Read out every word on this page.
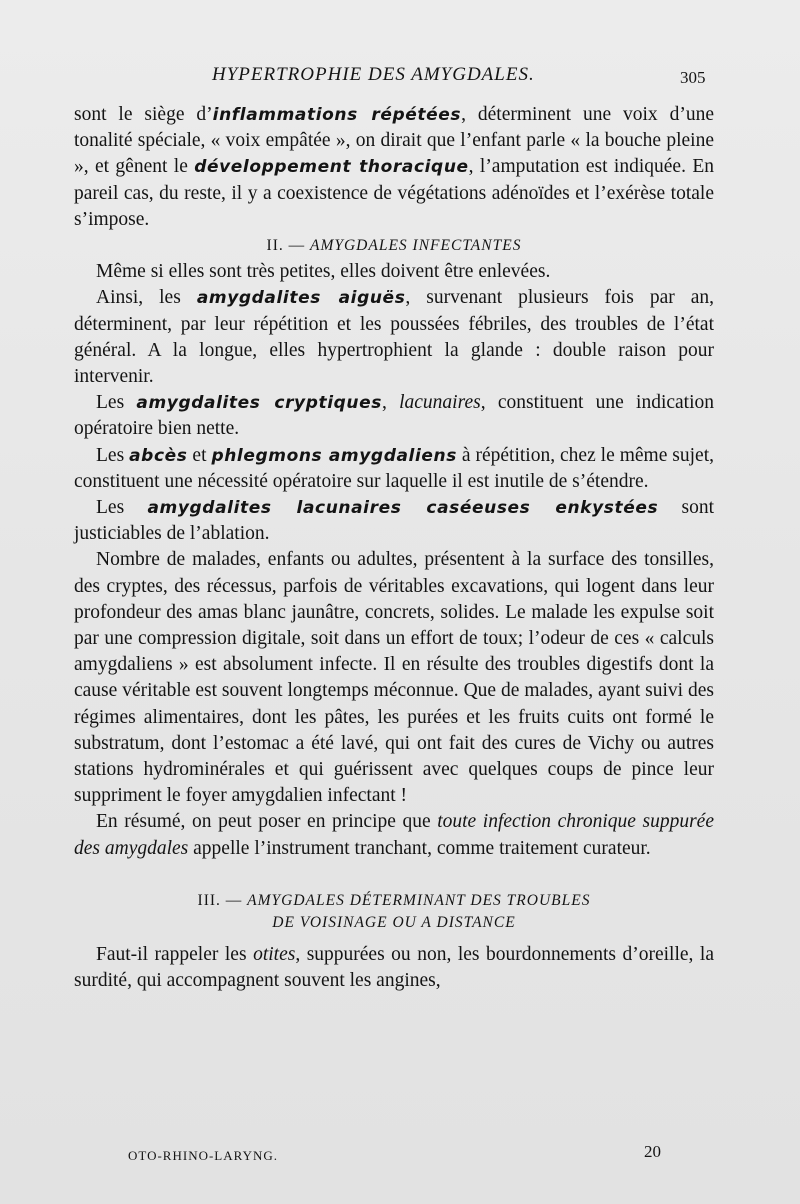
HYPERTROPHIE DES AMYGDALES.	305

sont le siège d’inflammations répétées, déterminent une voix d’une tonalité spéciale, « voix empâtée », on dirait que l’enfant parle « la bouche pleine », et gênent le développement thoracique, l’amputation est indiquée. En pareil cas, du reste, il y a coexistence de végétations adénoïdes et l’exérèse totale s’impose.

II. — AMYGDALES INFECTANTES

Même si elles sont très petites, elles doivent être enlevées.

Ainsi, les amygdalites aiguës, survenant plusieurs fois par an, déterminent, par leur répétition et les poussées fébriles, des troubles de l’état général. A la longue, elles hypertrophient la glande : double raison pour intervenir.

Les amygdalites cryptiques, lacunaires, constituent une indication opératoire bien nette.

Les abcès et phlegmons amygdaliens à répétition, chez le même sujet, constituent une nécessité opératoire sur laquelle il est inutile de s’étendre.

Les amygdalites lacunaires caséeuses enkystées sont justiciables de l’ablation.

Nombre de malades, enfants ou adultes, présentent à la surface des tonsilles, des cryptes, des récessus, parfois de véritables excavations, qui logent dans leur profondeur des amas blanc jaunâtre, concrets, solides. Le malade les expulse soit par une compression digitale, soit dans un effort de toux; l’odeur de ces « calculs amygdaliens » est absolument infecte. Il en résulte des troubles digestifs dont la cause véritable est souvent longtemps méconnue. Que de malades, ayant suivi des régimes alimentaires, dont les pâtes, les purées et les fruits cuits ont formé le substratum, dont l’estomac a été lavé, qui ont fait des cures de Vichy ou autres stations hydrominérales et qui guérissent avec quelques coups de pince leur suppriment le foyer amygdalien infectant !

En résumé, on peut poser en principe que toute infection chronique suppurée des amygdales appelle l’instrument tranchant, comme traitement curateur.

III. — AMYGDALES DÉTERMINANT DES TROUBLES
DE VOISINAGE OU A DISTANCE

Faut-il rappeler les otites, suppurées ou non, les bourdonnements d’oreille, la surdité, qui accompagnent souvent les angines,

OTO-RHINO-LARYNG.	20
